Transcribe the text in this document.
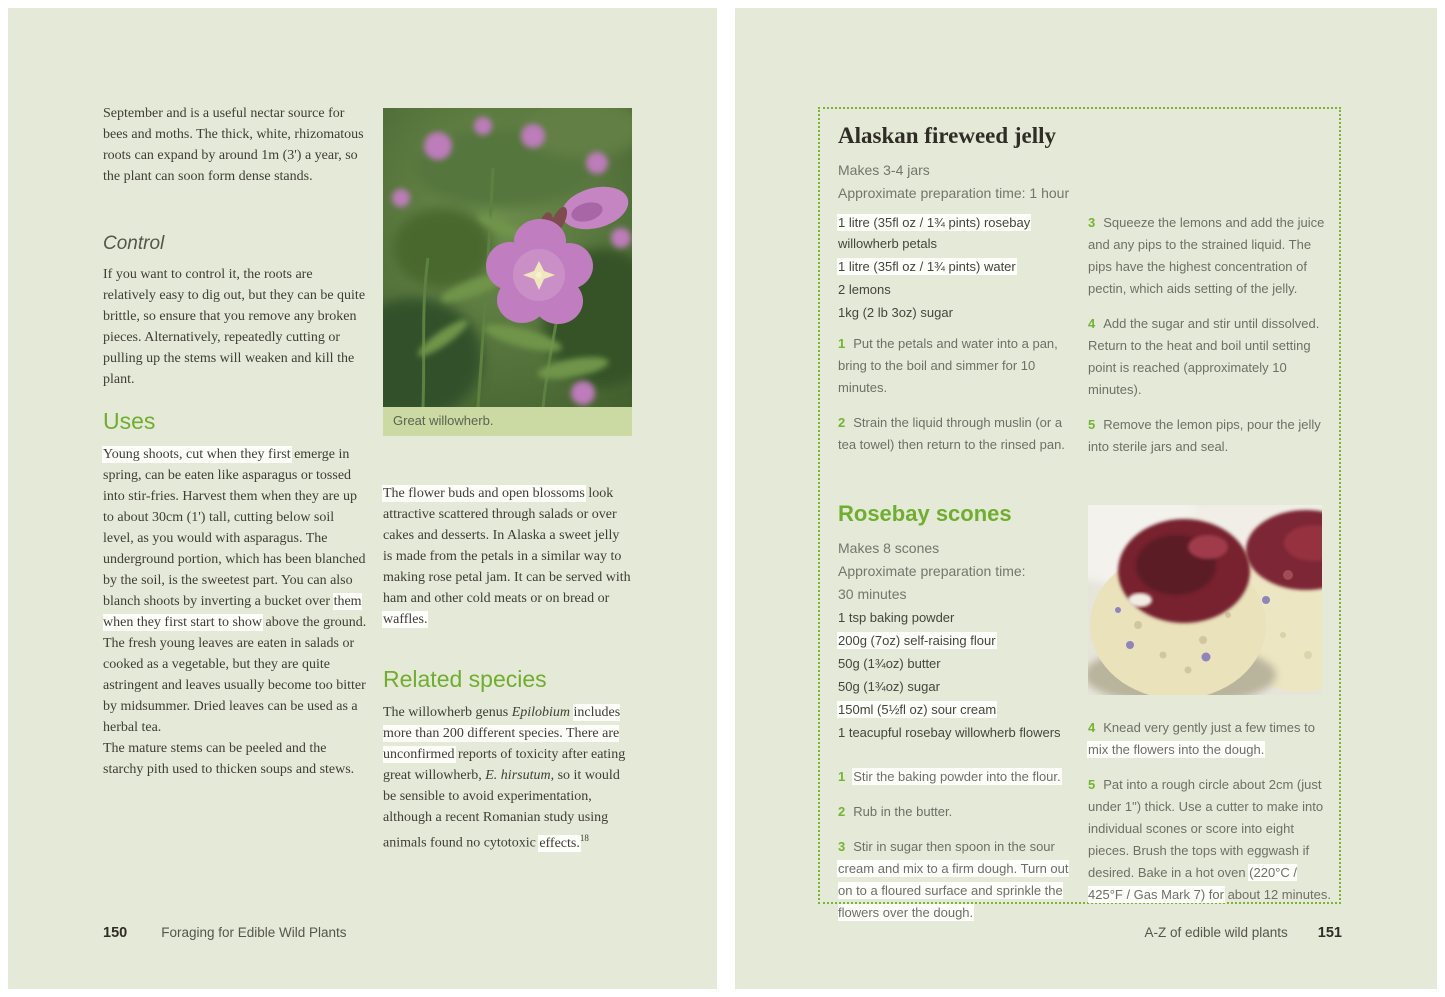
September and is a useful nectar source for bees and moths. The thick, white, rhizomatous roots can expand by around 1m (3') a year, so the plant can soon form dense stands.

Control

If you want to control it, the roots are relatively easy to dig out, but they can be quite brittle, so ensure that you remove any broken pieces. Alternatively, repeatedly cutting or pulling up the stems will weaken and kill the plant.

Uses

Young shoots, cut when they first emerge in spring, can be eaten like asparagus or tossed into stir-fries. Harvest them when they are up to about 30cm (1') tall, cutting below soil level, as you would with asparagus. The underground portion, which has been blanched by the soil, is the sweetest part. You can also blanch shoots by inverting a bucket over them when they first start to show above the ground.

The fresh young leaves are eaten in salads or cooked as a vegetable, but they are quite astringent and leaves usually become too bitter by midsummer. Dried leaves can be used as a herbal tea.

The mature stems can be peeled and the starchy pith used to thicken soups and stews.

Great willowherb.

The flower buds and open blossoms look attractive scattered through salads or over cakes and desserts. In Alaska a sweet jelly is made from the petals in a similar way to making rose petal jam. It can be served with ham and other cold meats or on bread or waffles.

Related species

The willowherb genus Epilobium includes more than 200 different species. There are unconfirmed reports of toxicity after eating great willowherb, E. hirsutum, so it would be sensible to avoid experimentation, although a recent Romanian study using animals found no cytotoxic effects.$^{18}$

150	Foraging for Edible Wild Plants
Alaskan fireweed jelly
Makes 3-4 jars
Approximate preparation time: 1 hour

1 litre (35fl oz / 1¾ pints) rosebay willowherb petals

1 litre (35fl oz / 1¾ pints) water

2 lemons

1kg (2 lb 3oz) sugar

1 Put the petals and water into a pan, bring to the boil and simmer for 10 minutes.

2 Strain the liquid through muslin (or a tea towel) then return to the rinsed pan.

3 Squeeze the lemons and add the juice and any pips to the strained liquid. The pips have the highest concentration of pectin, which aids setting of the jelly.

4 Add the sugar and stir until dissolved. Return to the heat and boil until setting point is reached (approximately 10 minutes).

5 Remove the lemon pips, pour the jelly into sterile jars and seal.

Rosebay scones
Makes 8 scones
Approximate preparation time: 30 minutes

1 tsp baking powder

200g (7oz) self-raising flour

50g (1¾oz) butter

50g (1¾oz) sugar

150ml (5½fl oz) sour cream

1 teacupful rosebay willowherb flowers

1 Stir the baking powder into the flour.

2 Rub in the butter.

3 Stir in sugar then spoon in the sour cream and mix to a firm dough. Turn out on to a floured surface and sprinkle the flowers over the dough.

4 Knead very gently just a few times to mix the flowers into the dough.

5 Pat into a rough circle about 2cm (just under 1") thick. Use a cutter to make into individual scones or score into eight pieces. Brush the tops with eggwash if desired. Bake in a hot oven (220°C / 425°F / Gas Mark 7) for about 12 minutes.

A-Z of edible wild plants 151
